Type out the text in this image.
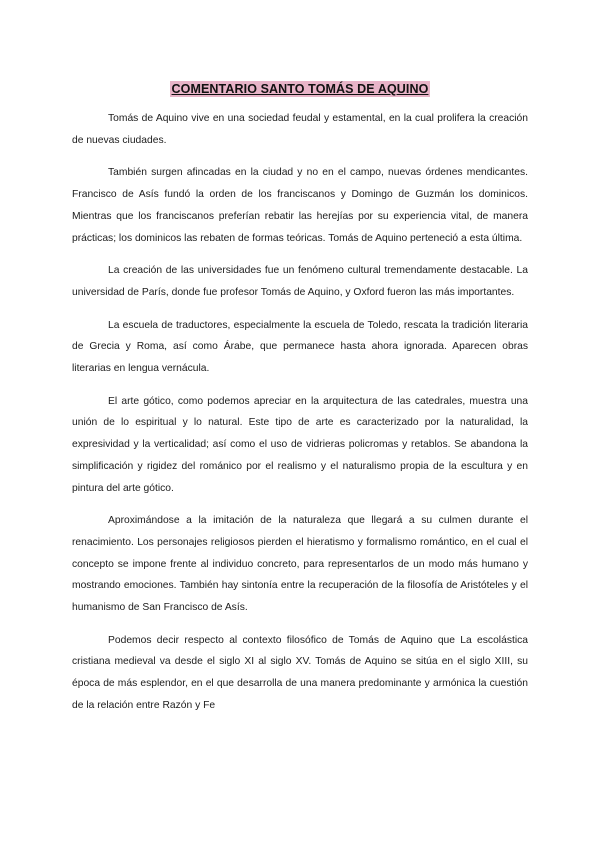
COMENTARIO SANTO TOMÁS DE AQUINO

Tomás de Aquino vive en una sociedad feudal y estamental, en la cual prolifera la creación de nuevas ciudades.

También surgen afincadas en la ciudad y no en el campo, nuevas órdenes mendicantes. Francisco de Asís fundó la orden de los franciscanos y Domingo de Guzmán los dominicos. Mientras que los franciscanos preferían rebatir las herejías por su experiencia vital, de manera prácticas; los dominicos las rebaten de formas teóricas. Tomás de Aquino perteneció a esta última.

La creación de las universidades fue un fenómeno cultural tremendamente destacable. La universidad de París, donde fue profesor Tomás de Aquino, y Oxford fueron las más importantes.

La escuela de traductores, especialmente la escuela de Toledo, rescata la tradición literaria de Grecia y Roma, así como Árabe, que permanece hasta ahora ignorada. Aparecen obras literarias en lengua vernácula.

El arte gótico, como podemos apreciar en la arquitectura de las catedrales, muestra una unión de lo espiritual y lo natural. Este tipo de arte es caracterizado por la naturalidad, la expresividad y la verticalidad; así como el uso de vidrieras policromas y retablos. Se abandona la simplificación y rigidez del románico por el realismo y el naturalismo propia de la escultura y en pintura del arte gótico.

Aproximándose a la imitación de la naturaleza que llegará a su culmen durante el renacimiento. Los personajes religiosos pierden el hieratismo y formalismo romántico, en el cual el concepto se impone frente al individuo concreto, para representarlos de un modo más humano y mostrando emociones. También hay sintonía entre la recuperación de la filosofía de Aristóteles y el humanismo de San Francisco de Asís.

Podemos decir respecto al contexto filosófico de Tomás de Aquino que La escolástica cristiana medieval va desde el siglo XI al siglo XV. Tomás de Aquino se sitúa en el siglo XIII, su época de más esplendor, en el que desarrolla de una manera predominante y armónica la cuestión de la relación entre Razón y Fe
